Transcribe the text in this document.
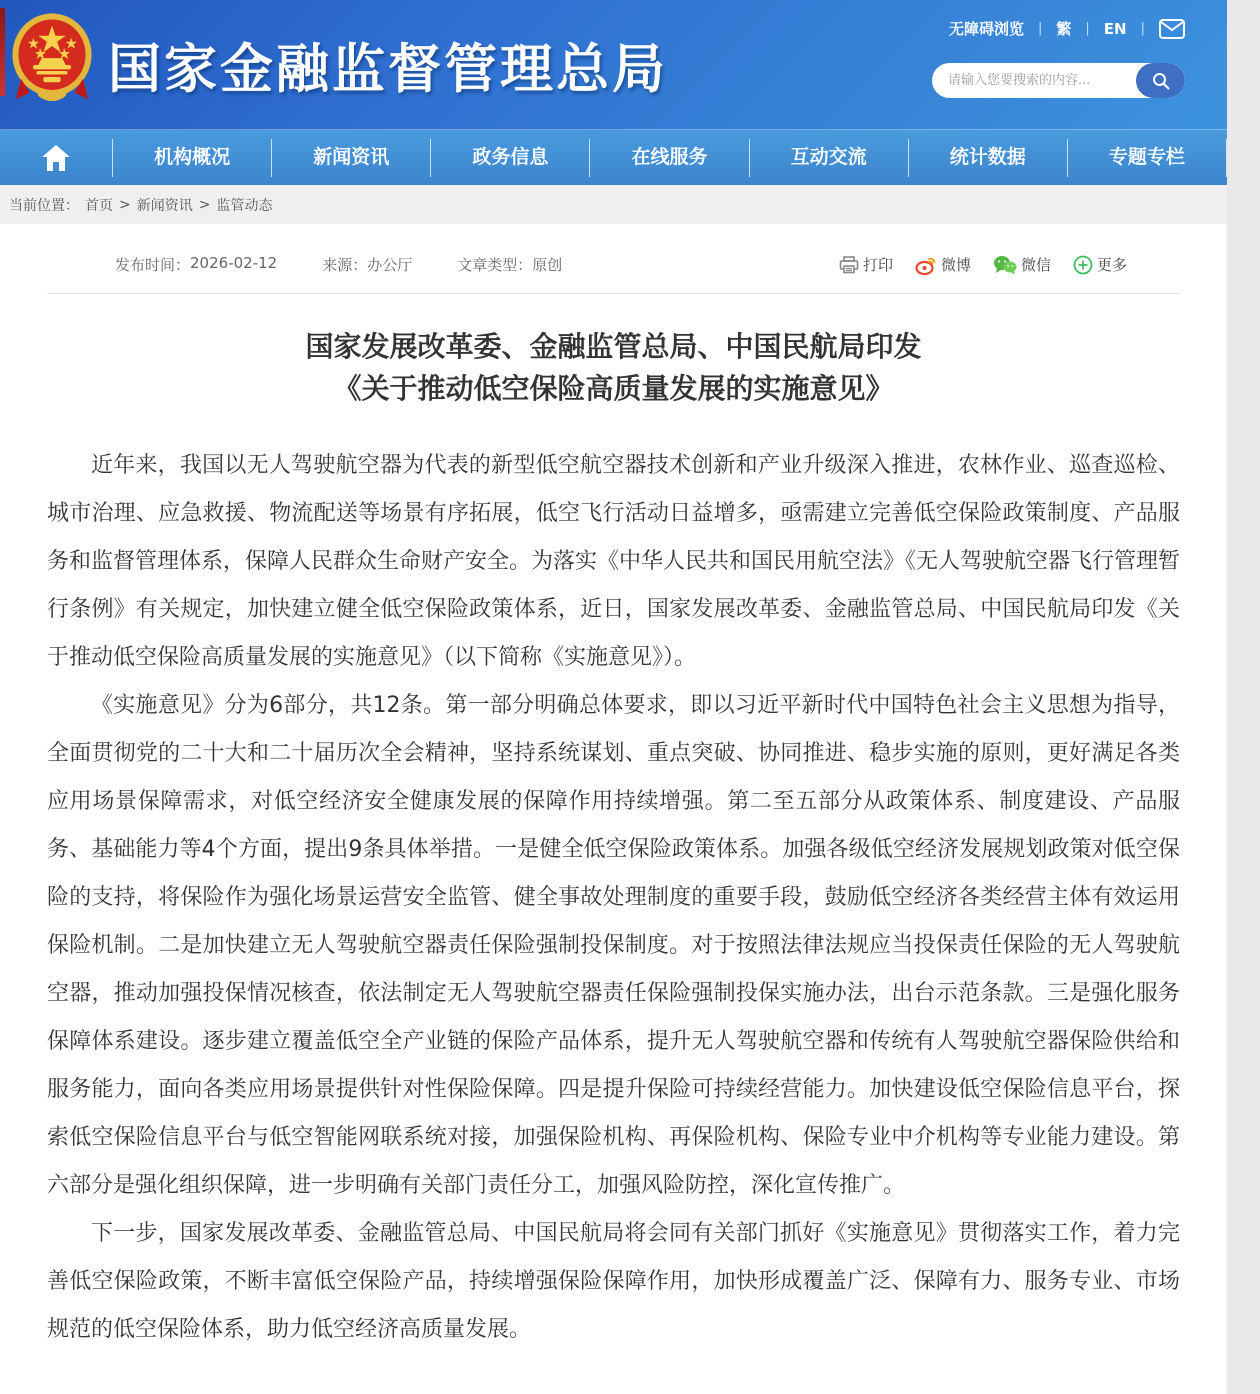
国家金融监督管理总局
无障碍浏览 | 繁 | EN |
请输入您要搜索的内容...
机构概况	新闻资讯	政务信息	在线服务	互动交流	统计数据	专题专栏
当前位置： 首页 > 新闻资讯 > 监管动态
发布时间： 2026-02-12	来源： 办公厅	文章类型： 原创	打印	微博	微信	更多
国家发展改革委、金融监管总局、中国民航局印发
《关于推动低空保险高质量发展的实施意见》

近年来，我国以无人驾驶航空器为代表的新型低空航空器技术创新和产业升级深入推进，农林作业、巡查巡检、城市治理、应急救援、物流配送等场景有序拓展，低空飞行活动日益增多，亟需建立完善低空保险政策制度、产品服务和监督管理体系，保障人民群众生命财产安全。为落实《中华人民共和国民用航空法》《无人驾驶航空器飞行管理暂行条例》有关规定，加快建立健全低空保险政策体系，近日，国家发展改革委、金融监管总局、中国民航局印发《关于推动低空保险高质量发展的实施意见》（以下简称《实施意见》）。

《实施意见》分为6部分，共12条。第一部分明确总体要求，即以习近平新时代中国特色社会主义思想为指导，全面贯彻党的二十大和二十届历次全会精神，坚持系统谋划、重点突破、协同推进、稳步实施的原则，更好满足各类应用场景保障需求，对低空经济安全健康发展的保障作用持续增强。第二至五部分从政策体系、制度建设、产品服务、基础能力等4个方面，提出9条具体举措。一是健全低空保险政策体系。加强各级低空经济发展规划政策对低空保险的支持，将保险作为强化场景运营安全监管、健全事故处理制度的重要手段，鼓励低空经济各类经营主体有效运用保险机制。二是加快建立无人驾驶航空器责任保险强制投保制度。对于按照法律法规应当投保责任保险的无人驾驶航空器，推动加强投保情况核查，依法制定无人驾驶航空器责任保险强制投保实施办法，出台示范条款。三是强化服务保障体系建设。逐步建立覆盖低空全产业链的保险产品体系，提升无人驾驶航空器和传统有人驾驶航空器保险供给和服务能力，面向各类应用场景提供针对性保险保障。四是提升保险可持续经营能力。加快建设低空保险信息平台，探索低空保险信息平台与低空智能网联系统对接，加强保险机构、再保险机构、保险专业中介机构等专业能力建设。第六部分是强化组织保障，进一步明确有关部门责任分工，加强风险防控，深化宣传推广。

下一步，国家发展改革委、金融监管总局、中国民航局将会同有关部门抓好《实施意见》贯彻落实工作，着力完善低空保险政策，不断丰富低空保险产品，持续增强保险保障作用，加快形成覆盖广泛、保障有力、服务专业、市场规范的低空保险体系，助力低空经济高质量发展。
